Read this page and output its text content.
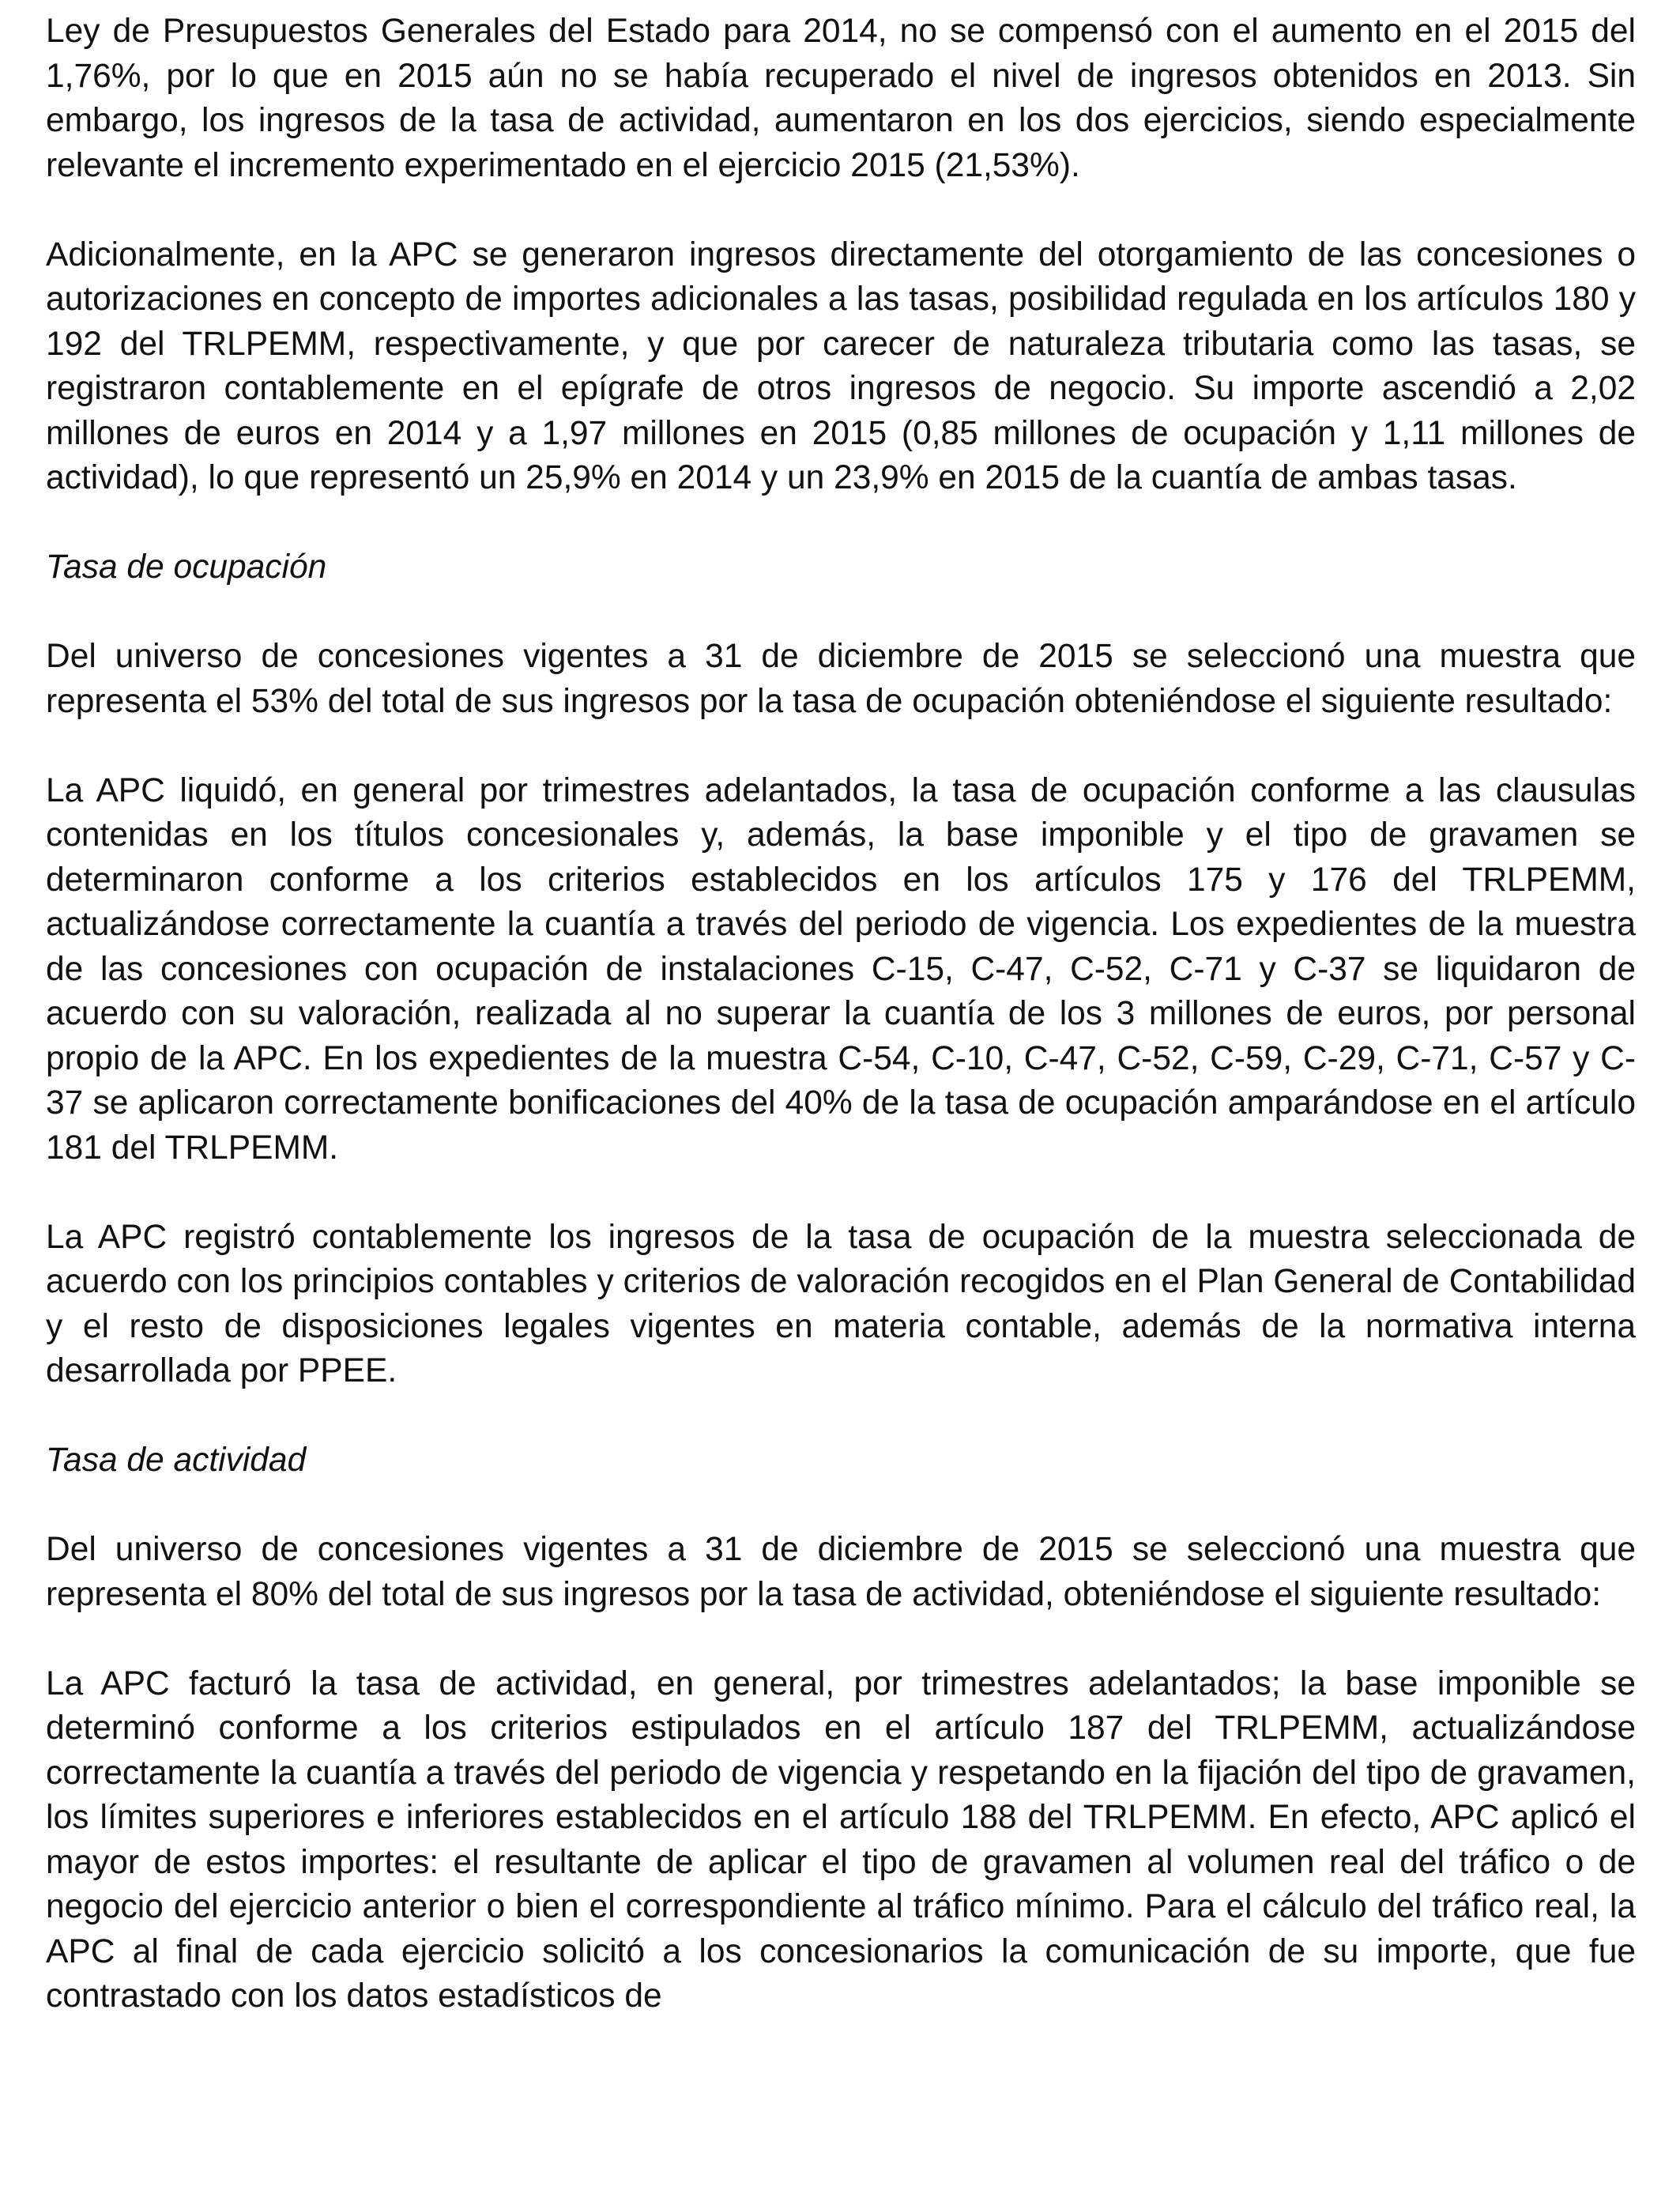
Ley de Presupuestos Generales del Estado para 2014, no se compensó con el aumento en el 2015 del 1,76%, por lo que en 2015 aún no se había recuperado el nivel de ingresos obtenidos en 2013. Sin embargo, los ingresos de la tasa de actividad, aumentaron en los dos ejercicios, siendo especialmente relevante el incremento experimentado en el ejercicio 2015 (21,53%).

Adicionalmente, en la APC se generaron ingresos directamente del otorgamiento de las concesiones o autorizaciones en concepto de importes adicionales a las tasas, posibilidad regulada en los artículos 180 y 192 del TRLPEMM, respectivamente, y que por carecer de naturaleza tributaria como las tasas, se registraron contablemente en el epígrafe de otros ingresos de negocio. Su importe ascendió a 2,02 millones de euros en 2014 y a 1,97 millones en 2015 (0,85 millones de ocupación y 1,11 millones de actividad), lo que representó un 25,9% en 2014 y un 23,9% en 2015 de la cuantía de ambas tasas.

Tasa de ocupación

Del universo de concesiones vigentes a 31 de diciembre de 2015 se seleccionó una muestra que representa el 53% del total de sus ingresos por la tasa de ocupación obteniéndose el siguiente resultado:

La APC liquidó, en general por trimestres adelantados, la tasa de ocupación conforme a las clausulas contenidas en los títulos concesionales y, además, la base imponible y el tipo de gravamen se determinaron conforme a los criterios establecidos en los artículos 175 y 176 del TRLPEMM, actualizándose correctamente la cuantía a través del periodo de vigencia. Los expedientes de la muestra de las concesiones con ocupación de instalaciones C-15, C-47, C-52, C-71 y C-37 se liquidaron de acuerdo con su valoración, realizada al no superar la cuantía de los 3 millones de euros, por personal propio de la APC. En los expedientes de la muestra C-54, C-10, C-47, C-52, C-59, C-29, C-71, C-57 y C-37 se aplicaron correctamente bonificaciones del 40% de la tasa de ocupación amparándose en el artículo 181 del TRLPEMM.

La APC registró contablemente los ingresos de la tasa de ocupación de la muestra seleccionada de acuerdo con los principios contables y criterios de valoración recogidos en el Plan General de Contabilidad y el resto de disposiciones legales vigentes en materia contable, además de la normativa interna desarrollada por PPEE.

Tasa de actividad

Del universo de concesiones vigentes a 31 de diciembre de 2015 se seleccionó una muestra que representa el 80% del total de sus ingresos por la tasa de actividad, obteniéndose el siguiente resultado:

La APC facturó la tasa de actividad, en general, por trimestres adelantados; la base imponible se determinó conforme a los criterios estipulados en el artículo 187 del TRLPEMM, actualizándose correctamente la cuantía a través del periodo de vigencia y respetando en la fijación del tipo de gravamen, los límites superiores e inferiores establecidos en el artículo 188 del TRLPEMM. En efecto, APC aplicó el mayor de estos importes: el resultante de aplicar el tipo de gravamen al volumen real del tráfico o de negocio del ejercicio anterior o bien el correspondiente al tráfico mínimo. Para el cálculo del tráfico real, la APC al final de cada ejercicio solicitó a los concesionarios la comunicación de su importe, que fue contrastado con los datos estadísticos de
